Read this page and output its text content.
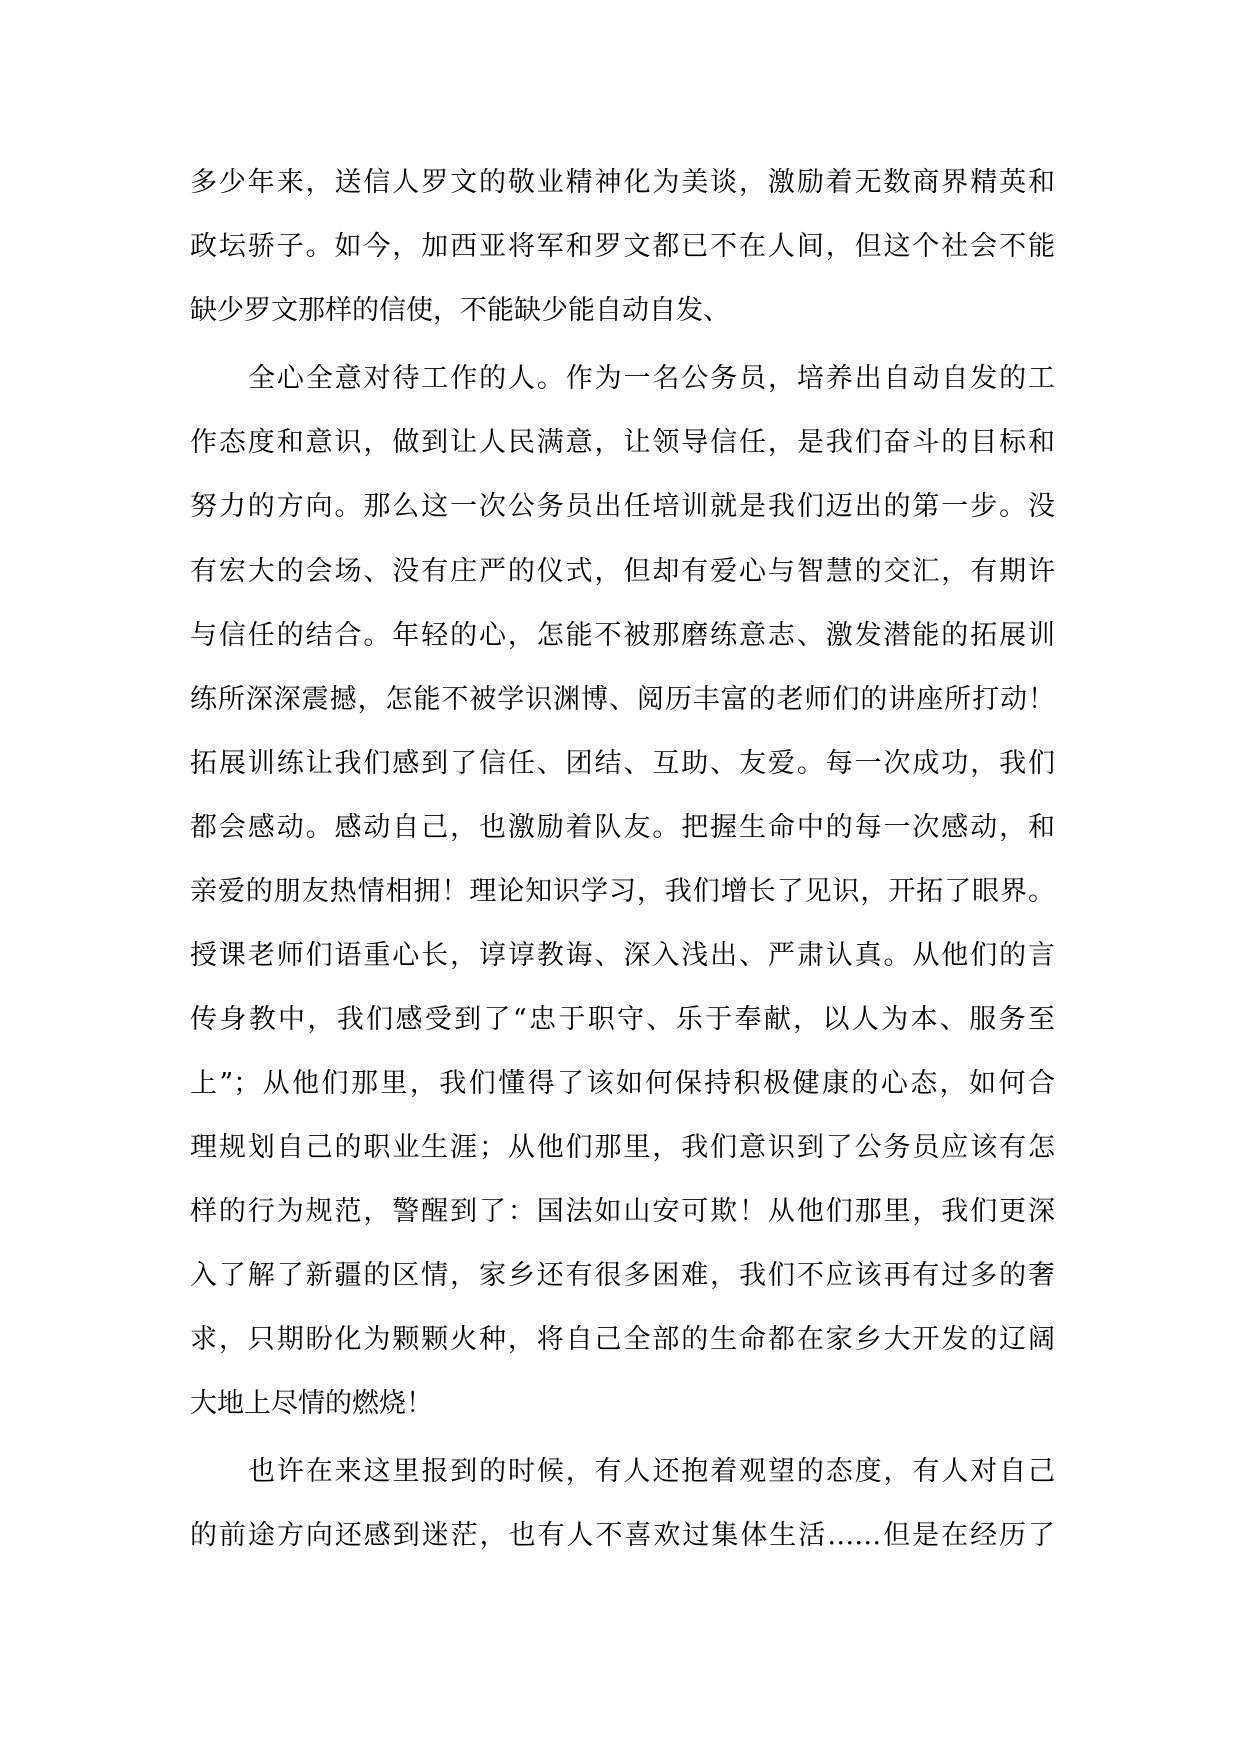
多少年来，送信人罗文的敬业精神化为美谈，激励着无数商界精英和
政坛骄子。如今，加西亚将军和罗文都已不在人间，但这个社会不能
缺少罗文那样的信使，不能缺少能自动自发、
全心全意对待工作的人。作为一名公务员，培养出自动自发的工
作态度和意识，做到让人民满意，让领导信任，是我们奋斗的目标和
努力的方向。那么这一次公务员出任培训就是我们迈出的第一步。没
有宏大的会场、没有庄严的仪式，但却有爱心与智慧的交汇，有期许
与信任的结合。年轻的心，怎能不被那磨练意志、激发潜能的拓展训
练所深深震撼，怎能不被学识渊博、阅历丰富的老师们的讲座所打动！
拓展训练让我们感到了信任、团结、互助、友爱。每一次成功，我们
都会感动。感动自己，也激励着队友。把握生命中的每一次感动，和
亲爱的朋友热情相拥！理论知识学习，我们增长了见识，开拓了眼界。
授课老师们语重心长，谆谆教诲、深入浅出、严肃认真。从他们的言
传身教中，我们感受到了“忠于职守、乐于奉献，以人为本、服务至
上”；从他们那里，我们懂得了该如何保持积极健康的心态，如何合
理规划自己的职业生涯；从他们那里，我们意识到了公务员应该有怎
样的行为规范，警醒到了：国法如山安可欺！从他们那里，我们更深
入了解了新疆的区情，家乡还有很多困难，我们不应该再有过多的奢
求，只期盼化为颗颗火种，将自己全部的生命都在家乡大开发的辽阔
大地上尽情的燃烧！
也许在来这里报到的时候，有人还抱着观望的态度，有人对自己
的前途方向还感到迷茫，也有人不喜欢过集体生活……但是在经历了
